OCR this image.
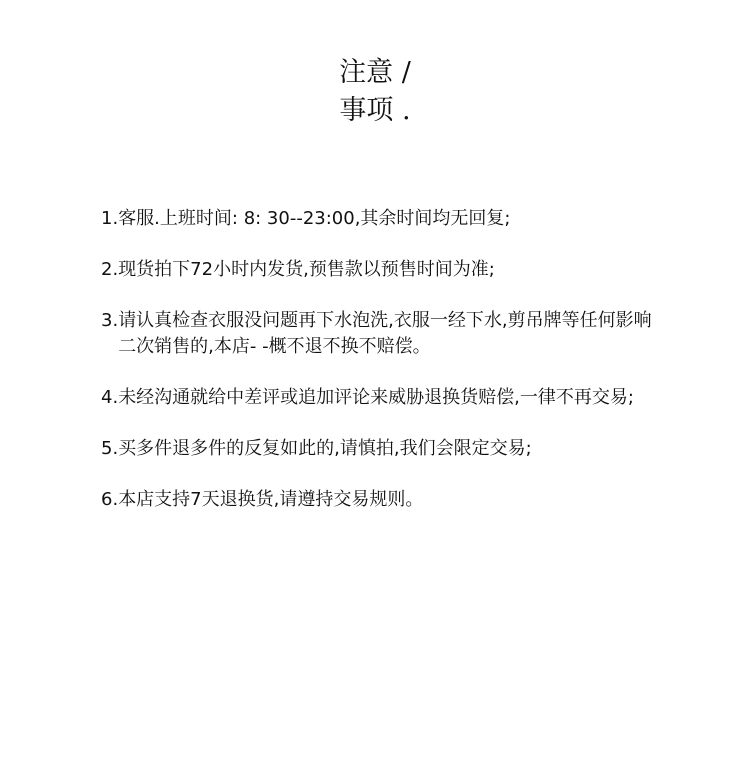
注意 /
事项 .
1. 客服.上班时间: 8: 30--23:00,其余时间均无回复;
2. 现货拍下72小时内发货,预售款以预售时间为准;
3. 请认真检查衣服没问题再下水泡洗,衣服一经下水,剪吊牌等任何影响二次销售的,本店- -概不退不换不赔偿。
4. 未经沟通就给中差评或追加评论来威胁退换货赔偿,一律不再交易;
5. 买多件退多件的反复如此的,请慎拍,我们会限定交易;
6. 本店支持7天退换货,请遵持交易规则。
